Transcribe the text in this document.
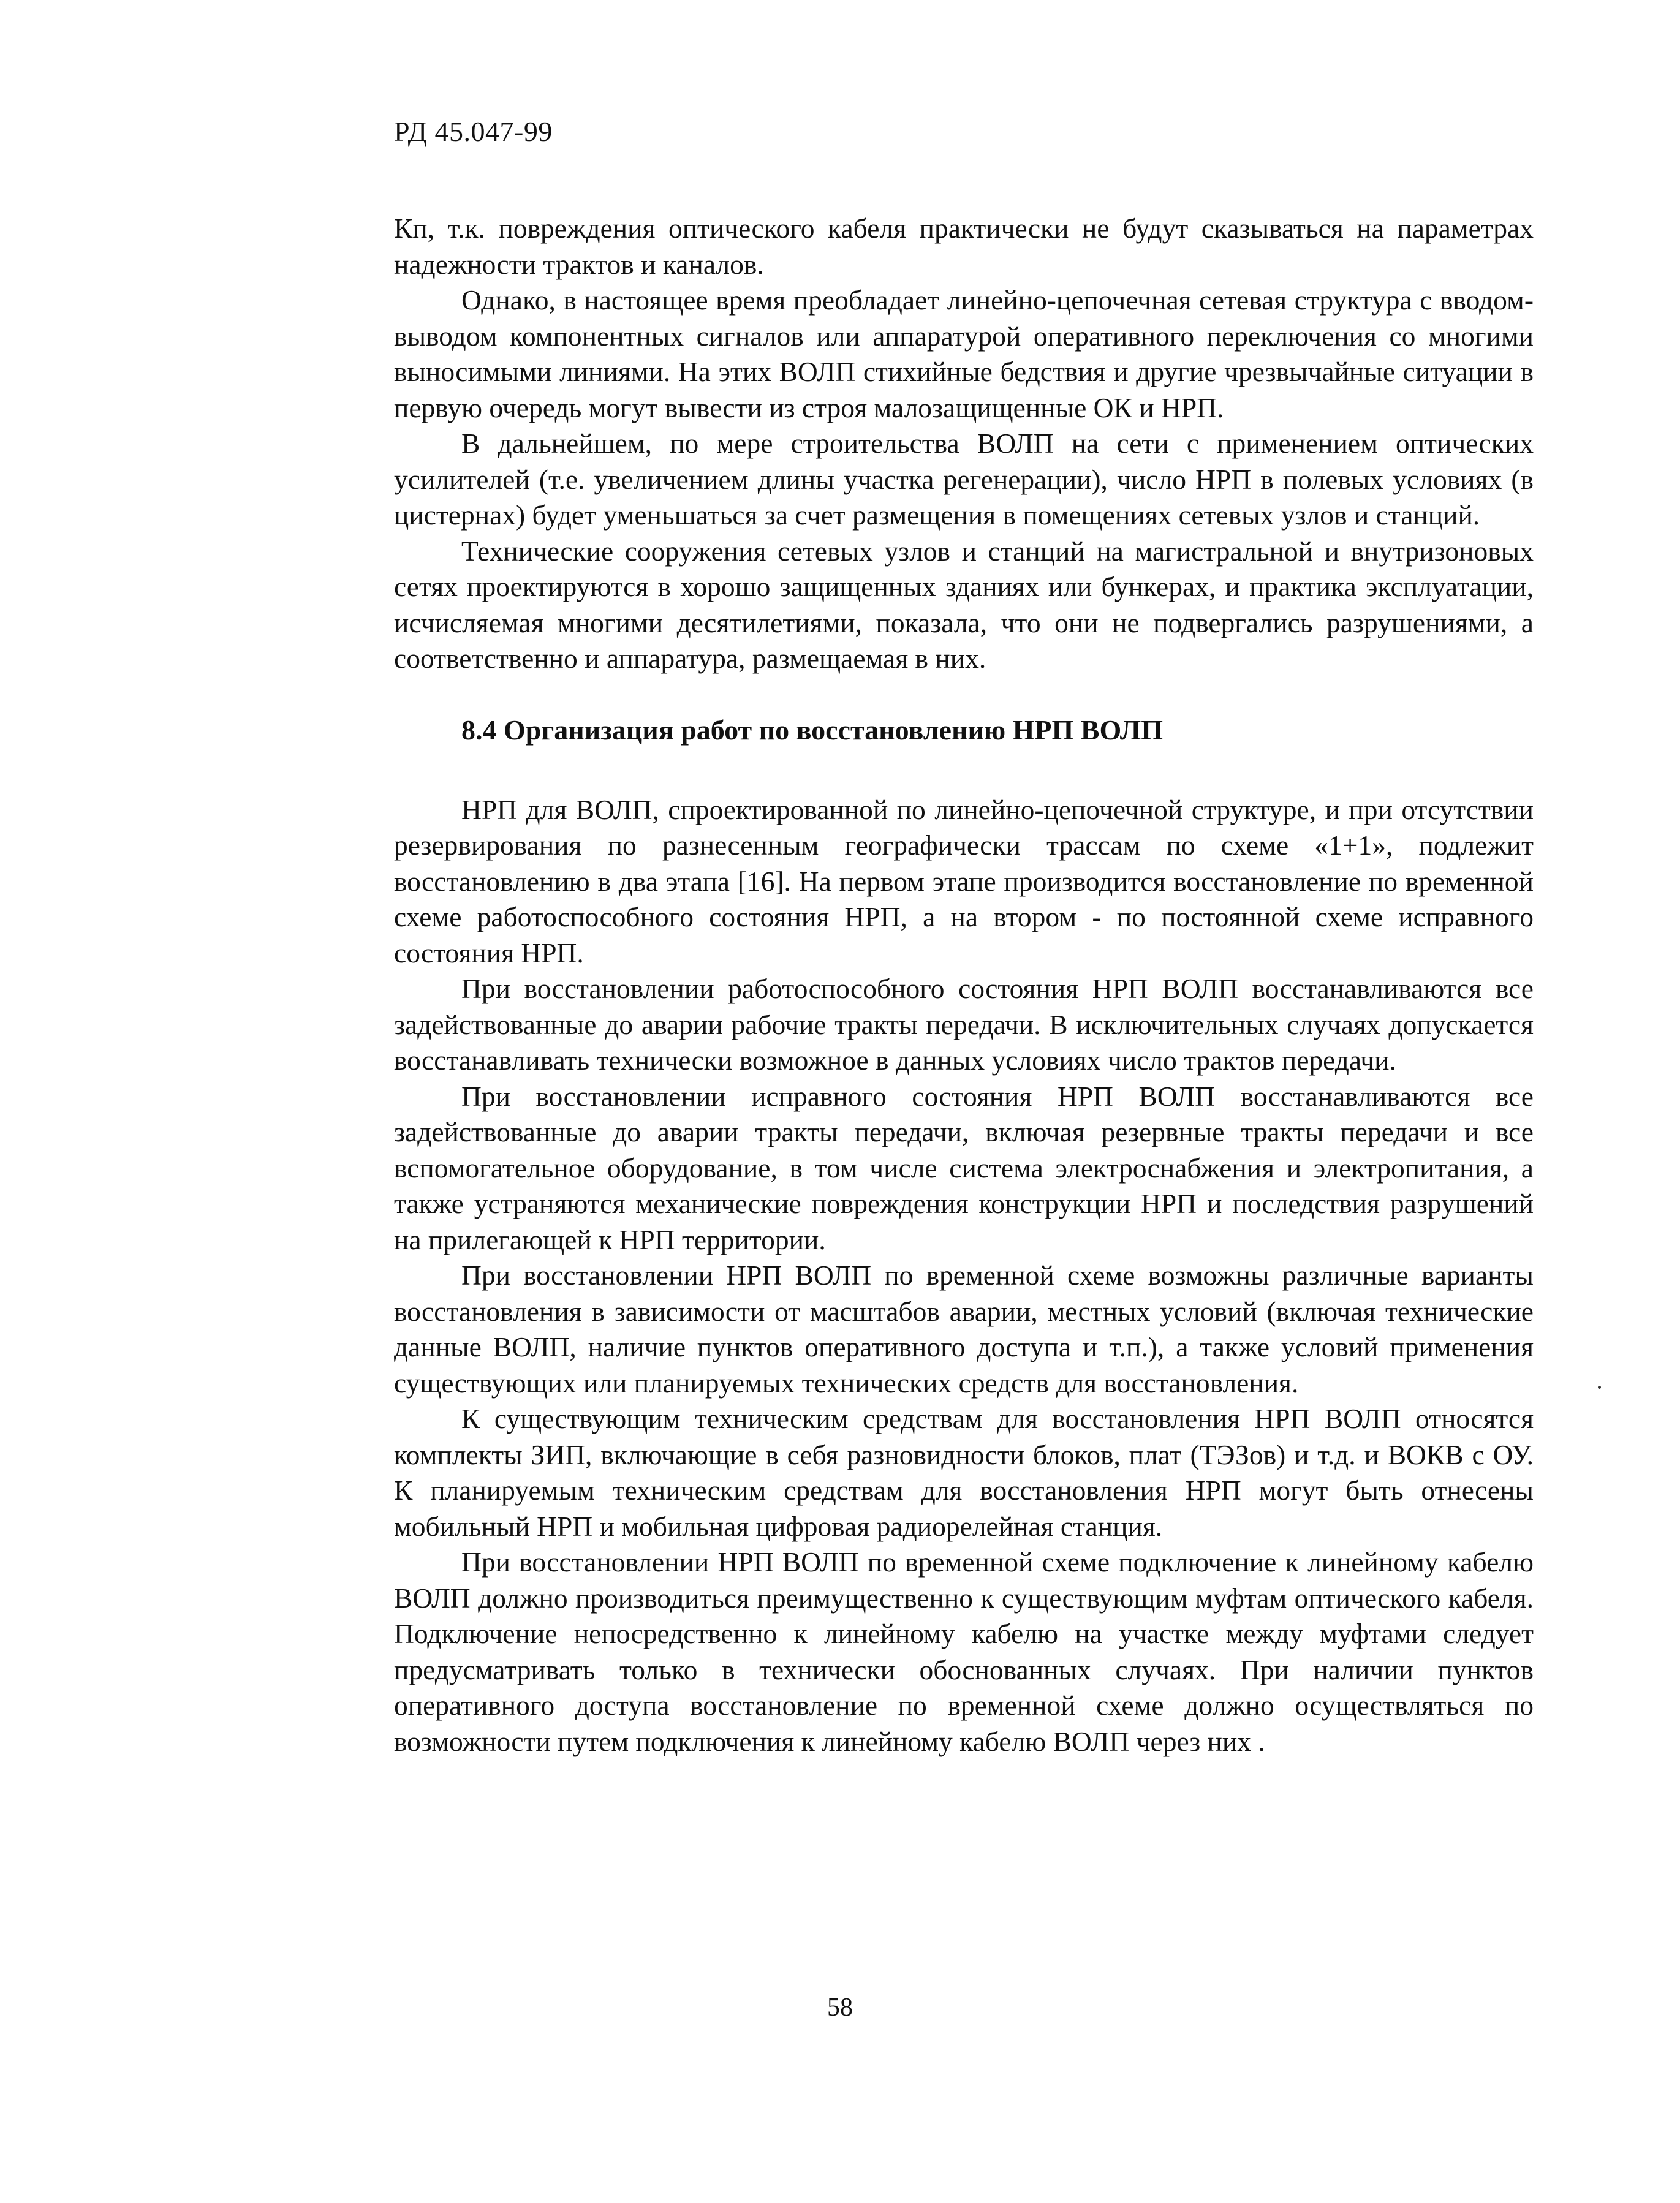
РД 45.047-99

Кп, т.к. повреждения оптического кабеля практически не будут сказываться на параметрах надежности трактов и каналов.

Однако, в настоящее время преобладает линейно-цепочечная сетевая структура с вводом-выводом компонентных сигналов или аппаратурой оперативного переключения со многими выносимыми линиями. На этих ВОЛП стихийные бедствия и другие чрезвычайные ситуации в первую очередь могут вывести из строя малозащищенные ОК и НРП.

В дальнейшем, по мере строительства ВОЛП на сети с применением оптических усилителей (т.е. увеличением длины участка регенерации), число НРП в полевых условиях (в цистернах) будет уменьшаться за счет размещения в помещениях сетевых узлов и станций.

Технические сооружения сетевых узлов и станций на магистральной и внутризоновых сетях проектируются в хорошо защищенных зданиях или бункерах, и практика эксплуатации, исчисляемая многими десятилетиями, показала, что они не подвергались разрушениями, а соответственно и аппаратура, размещаемая в них.

8.4 Организация работ по восстановлению НРП ВОЛП

НРП для ВОЛП, спроектированной по линейно-цепочечной структуре, и при отсутствии резервирования по разнесенным географически трассам по схеме «1+1», подлежит восстановлению в два этапа [16]. На первом этапе производится восстановление по временной схеме работоспособного состояния НРП, а на втором - по постоянной схеме исправного состояния НРП.

При восстановлении работоспособного состояния НРП ВОЛП восстанавливаются все задействованные до аварии рабочие тракты передачи. В исключительных случаях допускается восстанавливать технически возможное в данных условиях число трактов передачи.

При восстановлении исправного состояния НРП ВОЛП восстанавливаются все задействованные до аварии тракты передачи, включая резервные тракты передачи и все вспомогательное оборудование, в том числе система электроснабжения и электропитания, а также устраняются механические повреждения конструкции НРП и последствия разрушений на прилегающей к НРП территории.

При восстановлении НРП ВОЛП по временной схеме возможны различные варианты восстановления в зависимости от масштабов аварии, местных условий (включая технические данные ВОЛП, наличие пунктов оперативного доступа и т.п.), а также условий применения существующих или планируемых технических средств для восстановления.

К существующим техническим средствам для восстановления НРП ВОЛП относятся комплекты ЗИП, включающие в себя разновидности блоков, плат (ТЭЗов) и т.д. и ВОКВ с ОУ. К планируемым техническим средствам для восстановления НРП могут быть отнесены мобильный НРП и мобильная цифровая радиорелейная станция.

При восстановлении НРП ВОЛП по временной схеме подключение к линейному кабелю ВОЛП должно производиться преимущественно к существующим муфтам оптического кабеля. Подключение непосредственно к линейному кабелю на участке между муфтами следует предусматривать только в технически обоснованных случаях. При наличии пунктов оперативного доступа восстановление по временной схеме должно осуществляться по возможности путем подключения к линейному кабелю ВОЛП через них .

58
